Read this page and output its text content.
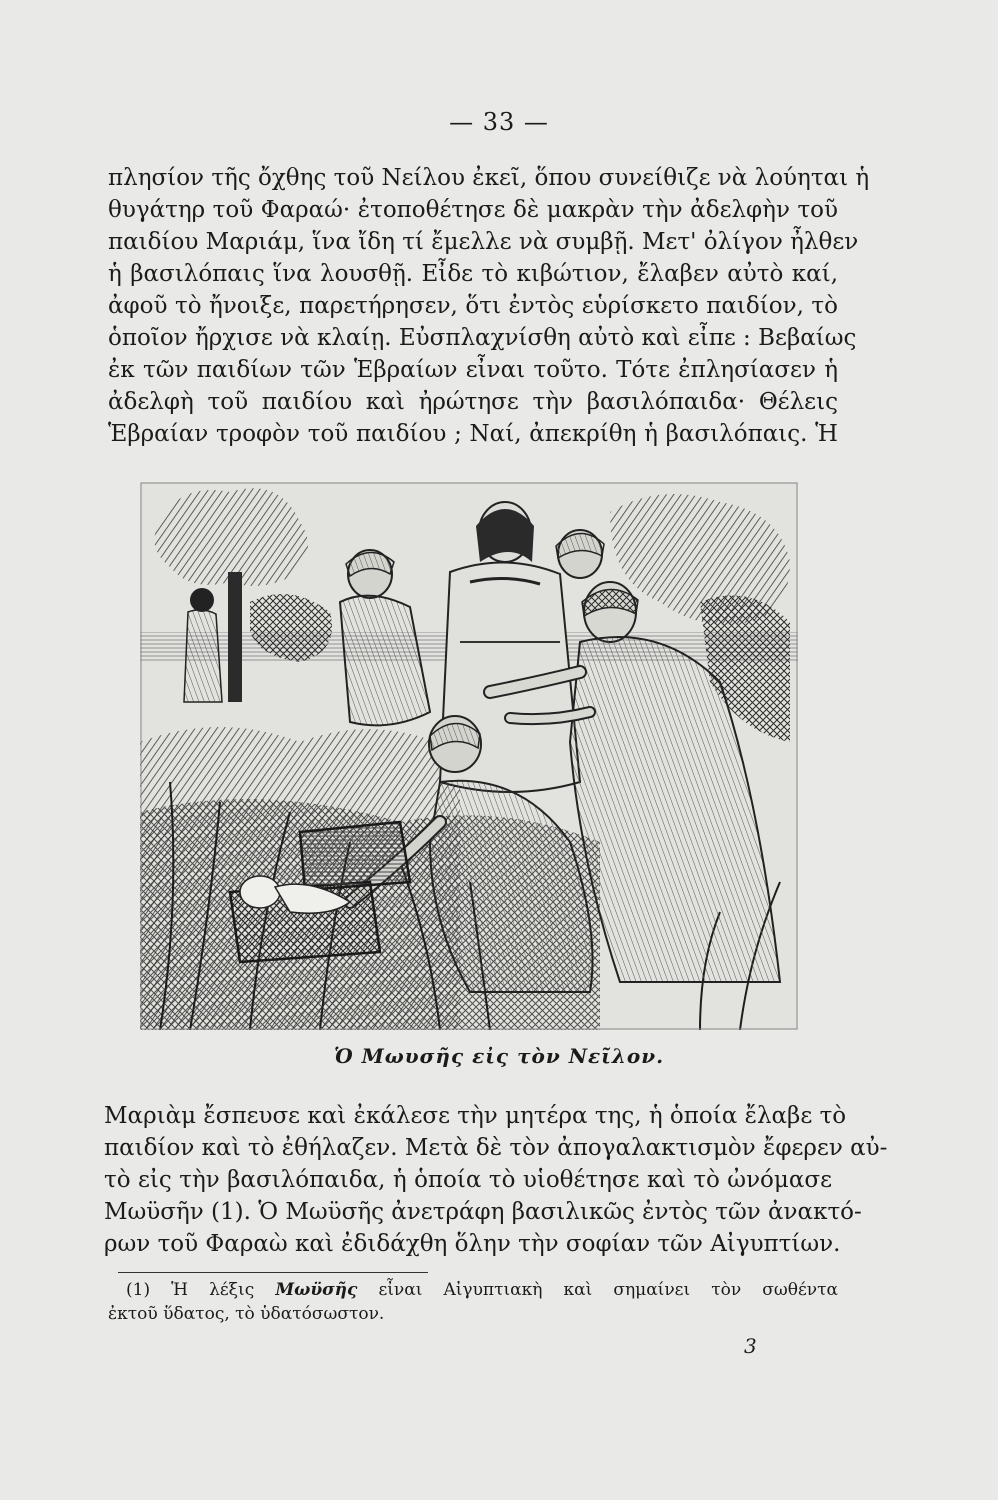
— 33 —

πλησίον τῆς ὄχθης τοῦ Νείλου ἐκεῖ, ὅπου συνείθιζε νὰ λούηται ἡ
θυγάτηρ τοῦ Φαραώ· ἐτοποθέτησε δὲ μακρὰν τὴν ἀδελφὴν τοῦ
παιδίου Μαριάμ, ἵνα ἴδη τί ἔμελλε νὰ συμβῇ. Μετ' ὀλίγον ἦλθεν
ἡ βασιλόπαις ἵνα λουσθῇ. Εἶδε τὸ κιβώτιον, ἔλαβεν αὐτὸ καί,
ἀφοῦ τὸ ἤνοιξε, παρετήρησεν, ὅτι ἐντὸς εὑρίσκετο παιδίον, τὸ
ὁποῖον ἤρχισε νὰ κλαίῃ. Εὐσπλαχνίσθη αὐτὸ καὶ εἶπε : Βεβαίως
ἐκ τῶν παιδίων τῶν Ἑβραίων εἶναι τοῦτο. Τότε ἐπλησίασεν ἡ
ἀδελφὴ τοῦ παιδίου καὶ ἠρώτησε τὴν βασιλόπαιδα· Θέλεις
Ἑβραίαν τροφὸν τοῦ παιδίου ; Ναί, ἀπεκρίθη ἡ βασιλόπαις. Ἡ

Ὁ Μωυσῆς εἰς τὸν Νεῖλον.

Μαριὰμ ἔσπευσε καὶ ἐκάλεσε τὴν μητέρα της, ἡ ὁποία ἔλαβε τὸ
παιδίον καὶ τὸ ἐθήλαζεν. Μετὰ δὲ τὸν ἀπογαλακτισμὸν ἔφερεν αὐ-
τὸ εἰς τὴν βασιλόπαιδα, ἡ ὁποία τὸ υἱοθέτησε καὶ τὸ ὠνόμασε
Μωϋσῆν (1). Ὁ Μωϋσῆς ἀνετράφη βασιλικῶς ἐντὸς τῶν ἀνακτό-
ρων τοῦ Φαραὼ καὶ ἐδιδάχθη ὅλην τὴν σοφίαν τῶν Αἰγυπτίων.

(1) Ἡ λέξις Μωϋσῆς εἶναι Αἰγυπτιακὴ καὶ σημαίνει τὸν σωθέντα
ἐκτοῦ ὕδατος, τὸ ὑδατόσωστον.

3
